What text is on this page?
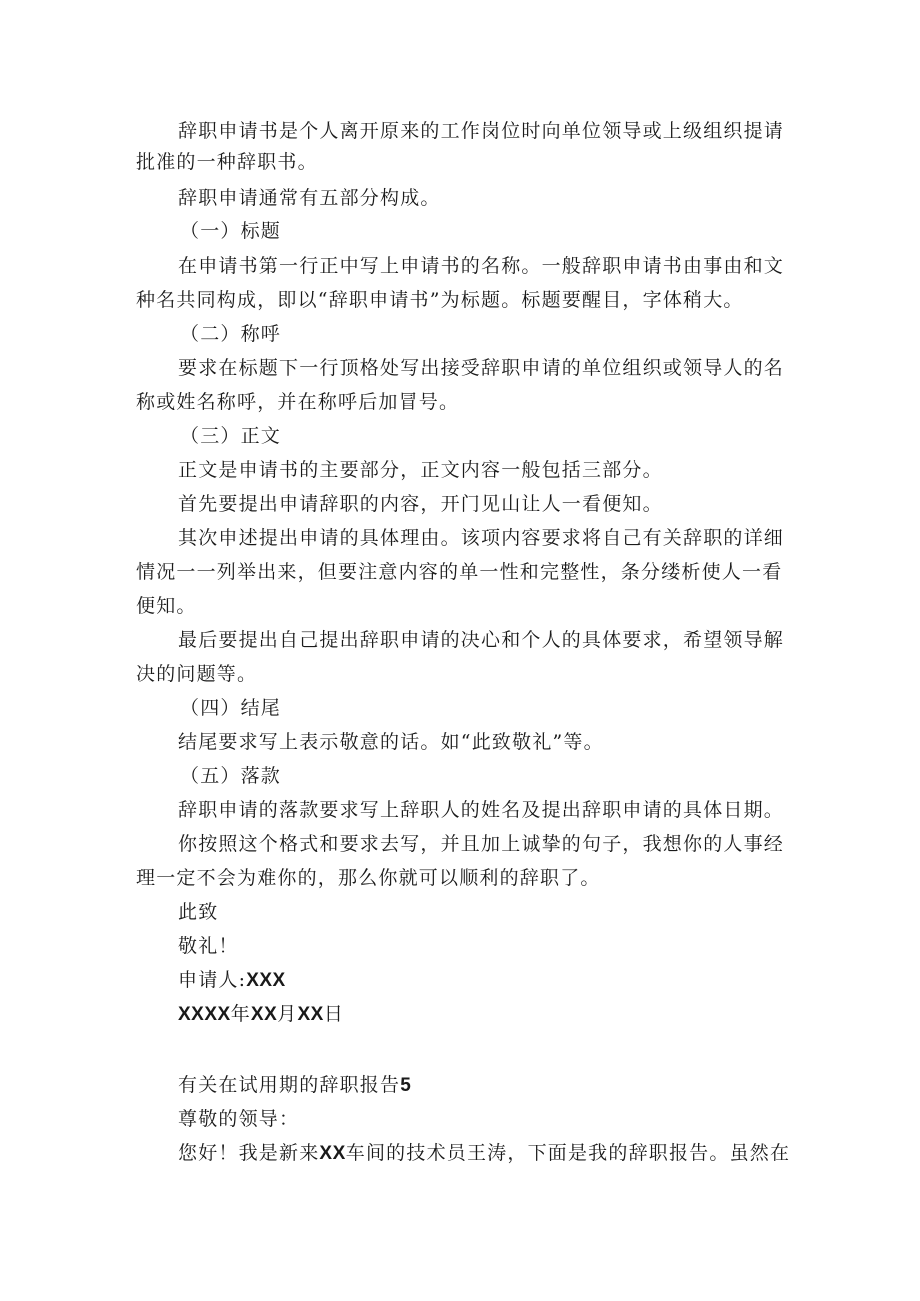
辞职申请书是个人离开原来的工作岗位时向单位领导或上级组织提请
批准的一种辞职书。
辞职申请通常有五部分构成。
（一）标题
在申请书第一行正中写上申请书的名称。一般辞职申请书由事由和文
种名共同构成，即以“辞职申请书”为标题。标题要醒目，字体稍大。
（二）称呼
要求在标题下一行顶格处写出接受辞职申请的单位组织或领导人的名
称或姓名称呼，并在称呼后加冒号。
（三）正文
正文是申请书的主要部分，正文内容一般包括三部分。
首先要提出申请辞职的内容，开门见山让人一看便知。
其次申述提出申请的具体理由。该项内容要求将自己有关辞职的详细
情况一一列举出来，但要注意内容的单一性和完整性，条分缕析使人一看
便知。
最后要提出自己提出辞职申请的决心和个人的具体要求，希望领导解
决的问题等。
（四）结尾
结尾要求写上表示敬意的话。如“此致敬礼”等。
（五）落款
辞职申请的落款要求写上辞职人的姓名及提出辞职申请的具体日期。
你按照这个格式和要求去写，并且加上诚挚的句子，我想你的人事经
理一定不会为难你的，那么你就可以顺利的辞职了。
此致
敬礼！
申请人:XXX
XXXX年XX月XX日
有关在试用期的辞职报告5
尊敬的领导：
您好！我是新来XX车间的技术员王涛，下面是我的辞职报告。虽然在
